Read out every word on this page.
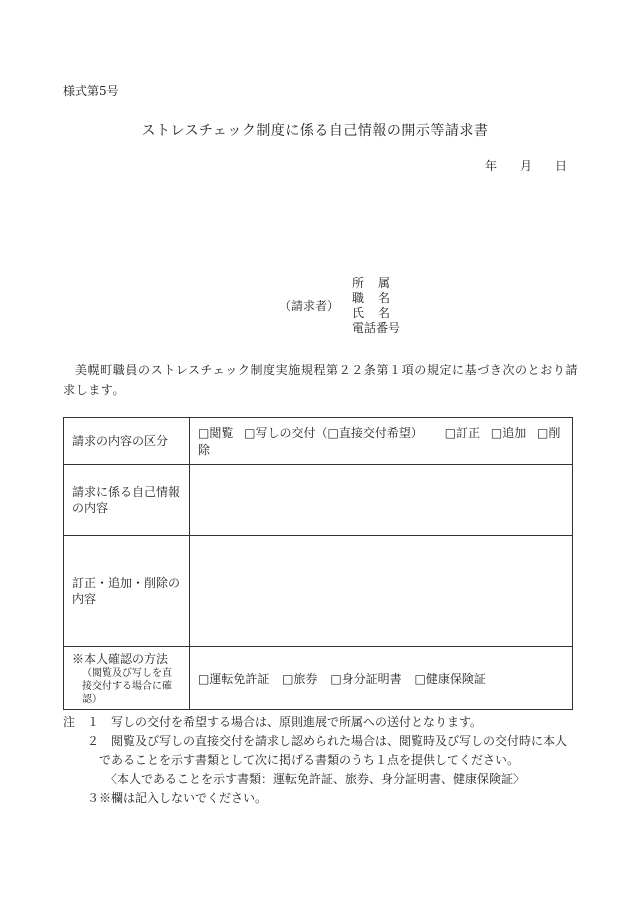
様式第5号
ストレスチェック制度に係る自己情報の開示等請求書
年 月 日
（請求者）
所　属
職　名
氏　名
電話番号
美幌町職員のストレスチェック制度実施規程第２２条第１項の規定に基づき次のとおり請求します。
請求の内容の区分	□閲覧 □写しの交付（□直接交付希望） □訂正 □追加 □削除
請求に係る自己情報の内容	
訂正・追加・削除の内容	
※本人確認の方法
（閲覧及び写しを直接交付する場合に確認）	□運転免許証 □旅券 □身分証明書 □健康保険証
注　１　写しの交付を希望する場合は、原則進展で所属への送付となります。
２　閲覧及び写しの直接交付を請求し認められた場合は、閲覧時及び写しの交付時に本人
であることを示す書類として次に掲げる書類のうち１点を提供してください。
〈本人であることを示す書類：運転免許証、旅券、身分証明書、健康保険証〉
３※欄は記入しないでください。
